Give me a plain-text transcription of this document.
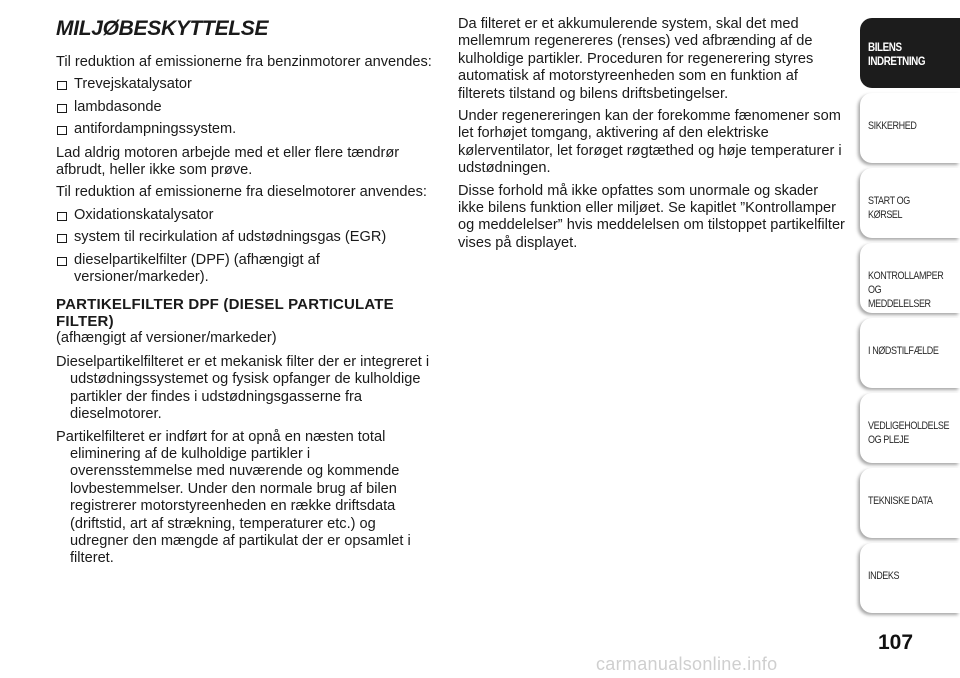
MILJØBESKYTTELSE

Til reduktion af emissionerne fra benzinmotorer anvendes:

Trevejskatalysator
lambdasonde
antifordampningssystem.

Lad aldrig motoren arbejde med et eller flere tændrør afbrudt, heller ikke som prøve.

Til reduktion af emissionerne fra dieselmotorer anvendes:

Oxidationskatalysator
system til recirkulation af udstødningsgas (EGR)
dieselpartikelfilter (DPF) (afhængigt af versioner/markeder).
PARTIKELFILTER DPF (DIESEL PARTICULATE FILTER)

(afhængigt af versioner/markeder)

Dieselpartikelfilteret er et mekanisk filter der er integreret i udstødningssystemet og fysisk opfanger de kulholdige partikler der findes i udstødningsgasserne fra dieselmotorer.

Partikelfilteret er indført for at opnå en næsten total eliminering af de kulholdige partikler i overensstemmelse med nuværende og kommende lovbestemmelser. Under den normale brug af bilen registrerer motorstyreenheden en række driftsdata (driftstid, art af strækning, temperaturer etc.) og udregner den mængde af partikulat der er opsamlet i filteret.

Da filteret er et akkumulerende system, skal det med mellemrum regenereres (renses) ved afbrænding af de kulholdige partikler. Proceduren for regenerering styres automatisk af motorstyreenheden som en funktion af filterets tilstand og bilens driftsbetingelser.

Under regenereringen kan der forekomme fænomener som let forhøjet tomgang, aktivering af den elektriske kølerventilator, let forøget røgtæthed og høje temperaturer i udstødningen.

Disse forhold må ikke opfattes som unormale og skader ikke bilens funktion eller miljøet. Se kapitlet ”Kontrollamper og meddelelser” hvis meddelelsen om tilstoppet partikelfilter vises på displayet.

BILENS
INDRETNING
SIKKERHED
START OG KØRSEL
KONTROLLAMPER
OG MEDDELELSER
I NØDSTILFÆLDE
VEDLIGEHOLDELSE
OG PLEJE
TEKNISKE DATA
INDEKS
107
carmanualsonline.info
